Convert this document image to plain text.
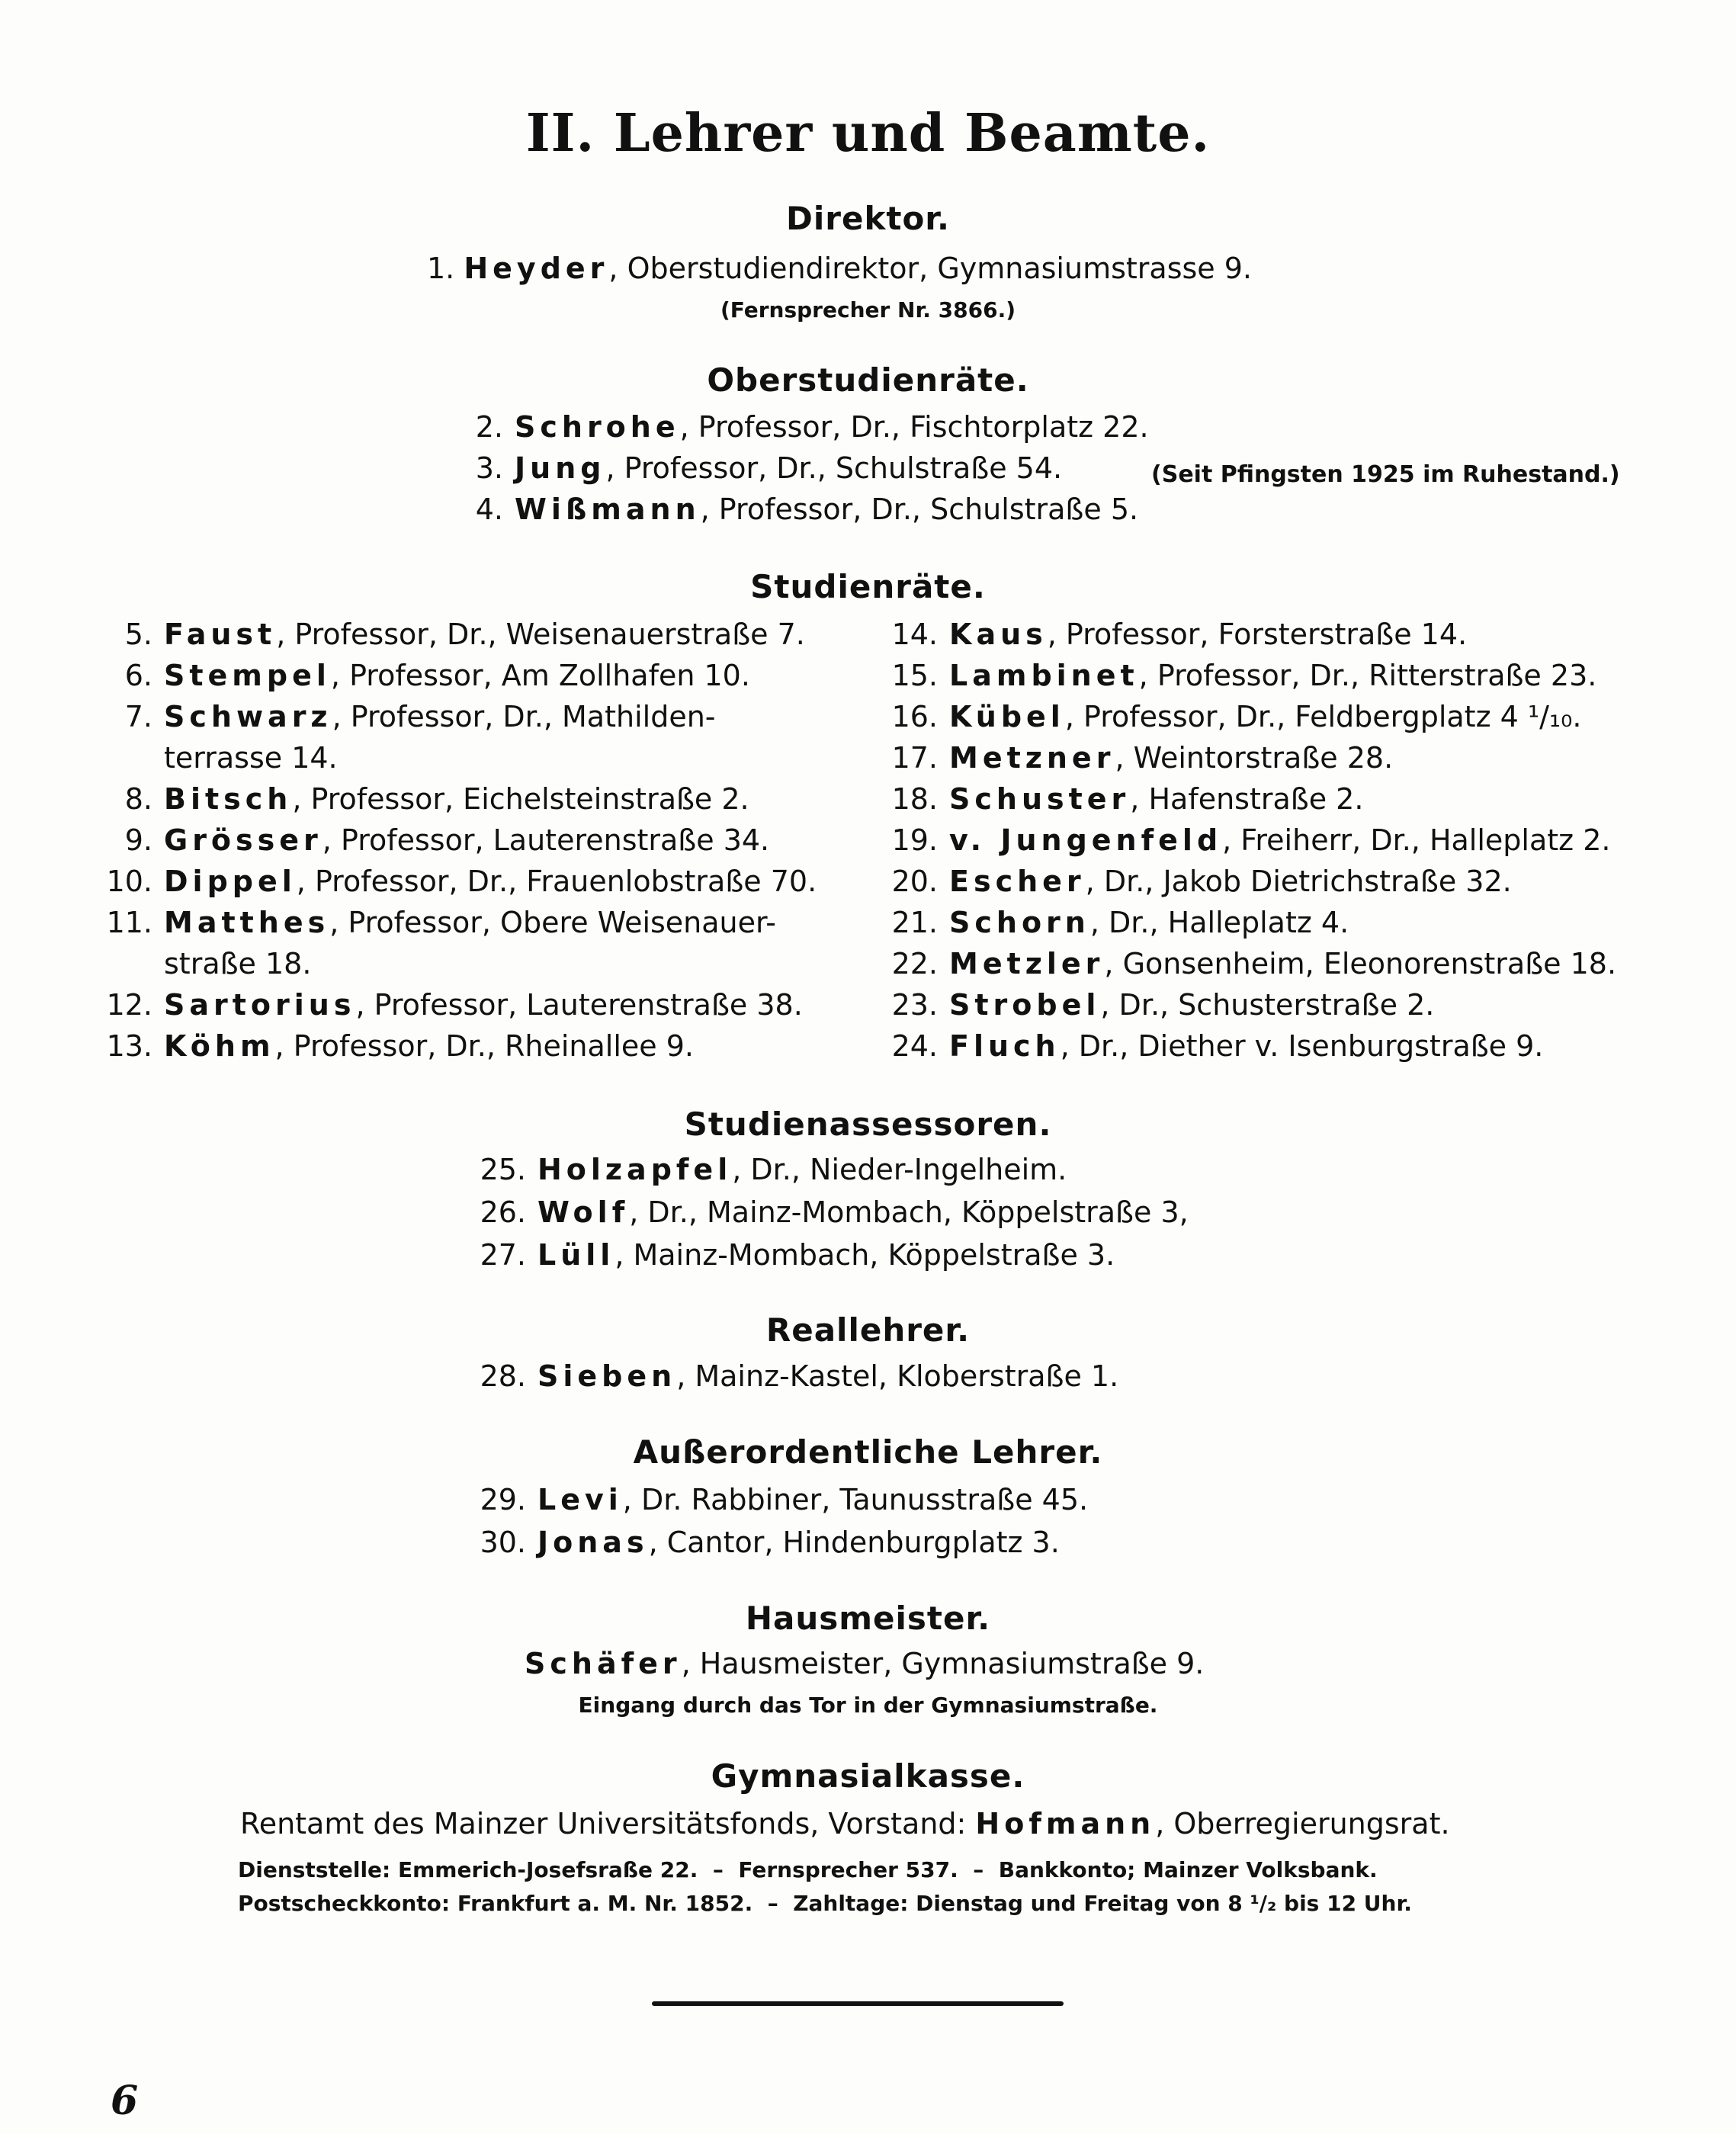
II. Lehrer und Beamte.
Direktor.
1. Heyder, Oberstudiendirektor, Gymnasiumstrasse 9.
(Fernsprecher Nr. 3866.)
Oberstudienräte.
2. Schrohe, Professor, Dr., Fischtorplatz 22.
3. Jung, Professor, Dr., Schulstraße 54.
4. Wißmann, Professor, Dr., Schulstraße 5.
(Seit Pfingsten 1925 im Ruhestand.)
Studienräte.
5. Faust, Professor, Dr., Weisenauerstraße 7.
6. Stempel, Professor, Am Zollhafen 10.
7. Schwarz, Professor, Dr., Mathilden-
terrasse 14.
8. Bitsch, Professor, Eichelsteinstraße 2.
9. Grösser, Professor, Lauterenstraße 34.
10. Dippel, Professor, Dr., Frauenlobstraße 70.
11. Matthes, Professor, Obere Weisenauer-
straße 18.
12. Sartorius, Professor, Lauterenstraße 38.
13. Köhm, Professor, Dr., Rheinallee 9.
14. Kaus, Professor, Forsterstraße 14.
15. Lambinet, Professor, Dr., Ritterstraße 23.
16. Kübel, Professor, Dr., Feldbergplatz 4 ¹/₁₀.
17. Metzner, Weintorstraße 28.
18. Schuster, Hafenstraße 2.
19. v. Jungenfeld, Freiherr, Dr., Halleplatz 2.
20. Escher, Dr., Jakob Dietrichstraße 32.
21. Schorn, Dr., Halleplatz 4.
22. Metzler, Gonsenheim, Eleonorenstraße 18.
23. Strobel, Dr., Schusterstraße 2.
24. Fluch, Dr., Diether v. Isenburgstraße 9.
Studienassessoren.
25. Holzapfel, Dr., Nieder-Ingelheim.
26. Wolf, Dr., Mainz-Mombach, Köppelstraße 3,
27. Lüll, Mainz-Mombach, Köppelstraße 3.
Reallehrer.
28. Sieben, Mainz-Kastel, Kloberstraße 1.
Außerordentliche Lehrer.
29. Levi, Dr. Rabbiner, Taunusstraße 45.
30. Jonas, Cantor, Hindenburgplatz 3.
Hausmeister.
Schäfer, Hausmeister, Gymnasiumstraße 9.
Eingang durch das Tor in der Gymnasiumstraße.
Gymnasialkasse.
Rentamt des Mainzer Universitätsfonds, Vorstand: Hofmann, Oberregierungsrat.
Dienststelle: Emmerich-Josefsraße 22.  –  Fernsprecher 537.  –  Bankkonto; Mainzer Volksbank.
Postscheckkonto: Frankfurt a. M. Nr. 1852.  –  Zahltage: Dienstag und Freitag von 8 ¹/₂ bis 12 Uhr.
6
